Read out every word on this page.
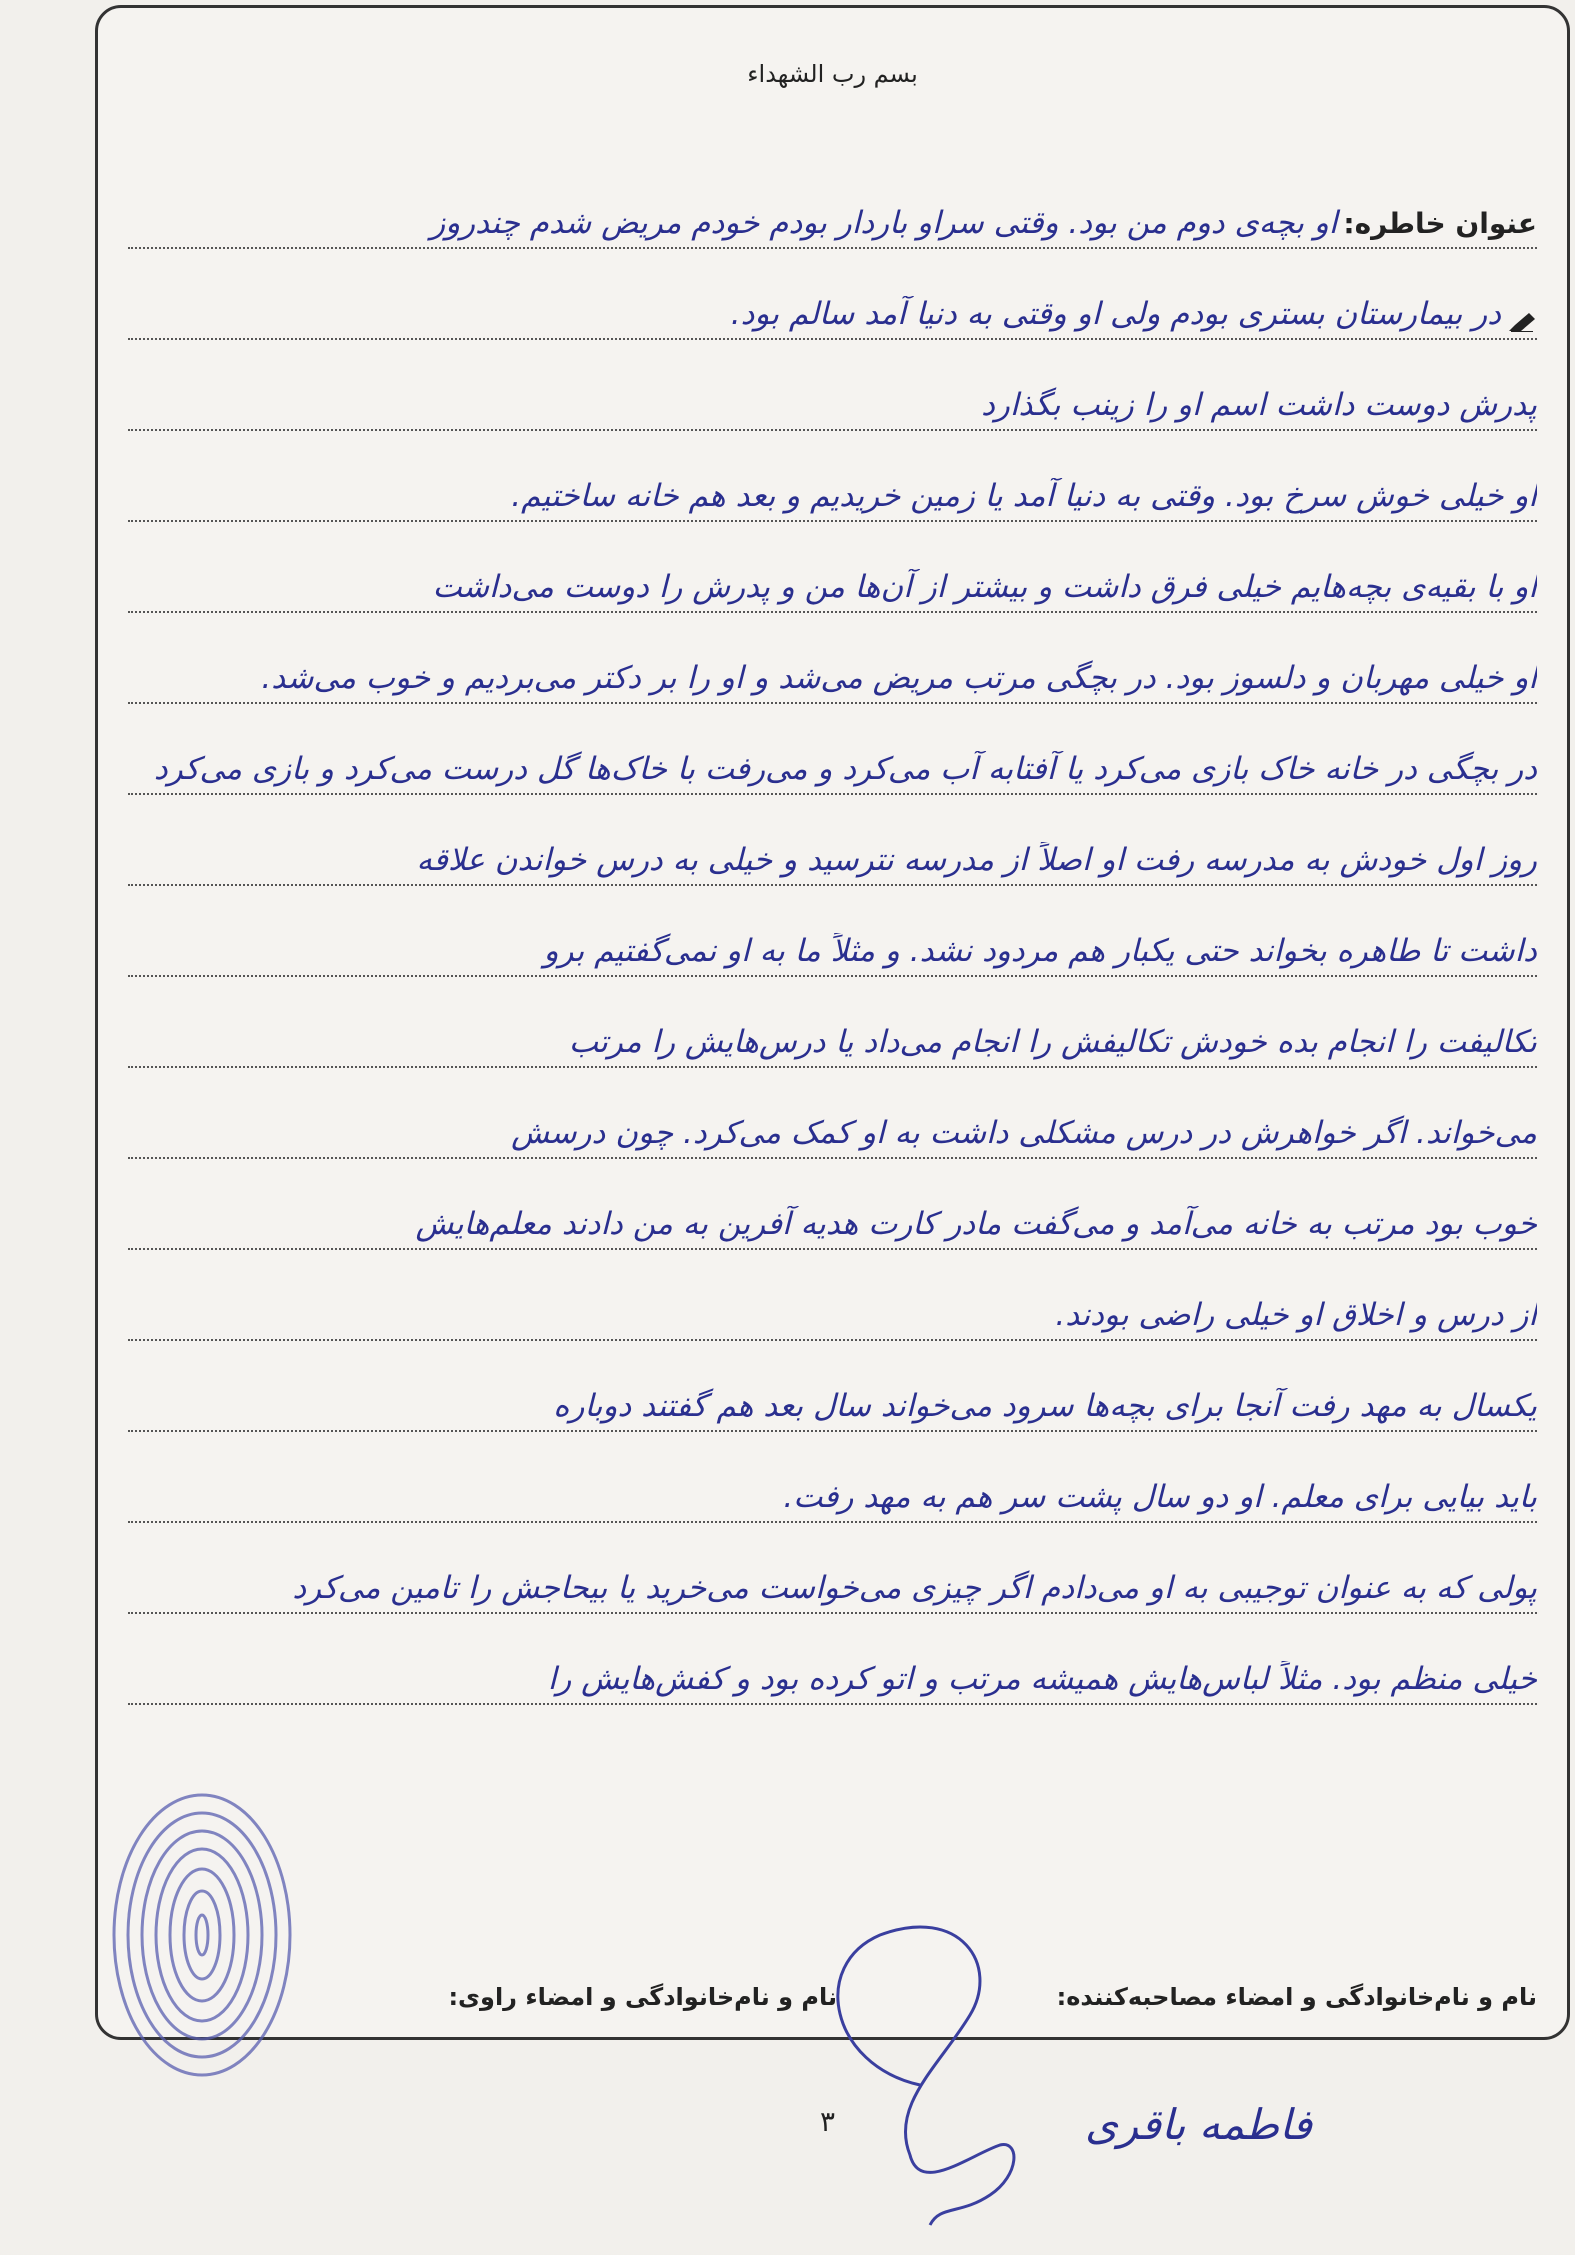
بسم رب الشهداء
عنوان خاطره:او بچه‌ی دوم من بود. وقتی سراو باردار بودم خودم مریض شدم چندروز
در بیمارستان بستری بودم ولی او وقتی به دنیا آمد سالم بود.
پدرش دوست داشت اسم او را زینب بگذارد
او خیلی خوش سرخ بود. وقتی به دنیا آمد یا زمین خریدیم و بعد هم خانه ساختیم.
او با بقیه‌ی بچه‌هایم خیلی فرق داشت و بیشتر از آن‌ها من و پدرش را دوست می‌داشت
او خیلی مهربان و دلسوز بود. در بچگی مرتب مریض می‌شد و او را بر دکتر می‌بردیم و خوب می‌شد.
در بچگی در خانه خاک بازی می‌کرد یا آفتابه آب می‌کرد و می‌رفت با خاک‌ها گل درست می‌کرد و بازی می‌کرد
روز اول خودش به مدرسه رفت او اصلاً از مدرسه نترسید و خیلی به درس خواندن علاقه
داشت تا طاهره بخواند حتی یکبار هم مردود نشد. و مثلاً ما به او نمی‌گفتیم برو
تکالیفت را انجام بده خودش تکالیفش را انجام می‌داد یا درس‌هایش را مرتب
می‌خواند. اگر خواهرش در درس مشکلی داشت به او کمک می‌کرد. چون درسش
خوب بود مرتب به خانه می‌آمد و می‌گفت مادر کارت هدیه آفرین به من دادند معلم‌هایش
از درس و اخلاق او خیلی راضی بودند.
یکسال به مهد رفت آنجا برای بچه‌ها سرود می‌خواند سال بعد هم گفتند دوباره
باید بیایی برای معلم. او دو سال پشت سر هم به مهد رفت.
پولی که به عنوان توجیبی به او می‌دادم اگر چیزی می‌خواست می‌خرید یا بیحاجش را تامین می‌کرد
خیلی منظم بود. مثلاً لباس‌هایش همیشه مرتب و اتو کرده بود و کفش‌هایش را
نام و نام‌خانوادگی و امضاء مصاحبه‌کننده:
نام و نام‌خانوادگی و امضاء راوی:
۳	فاطمه باقری
